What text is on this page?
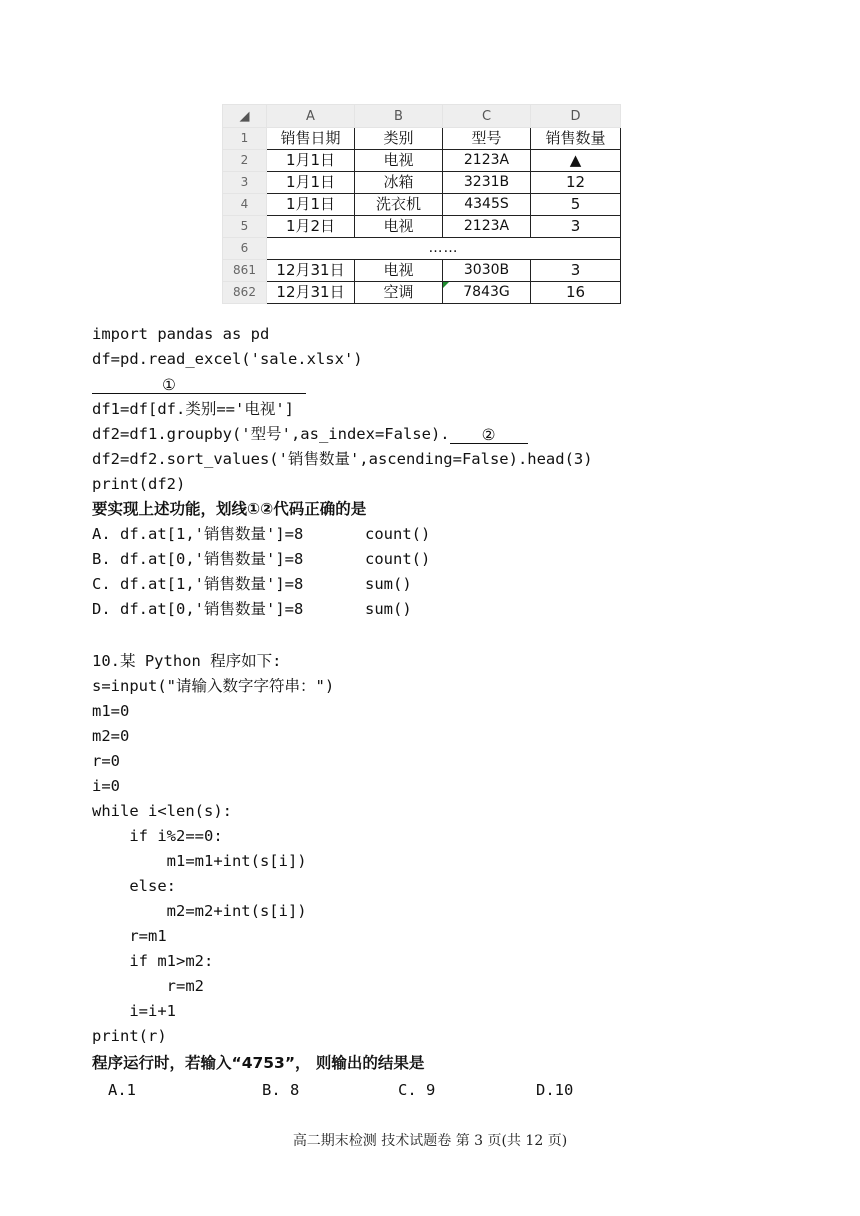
◢	A	B	C	D
1	销售日期	类别	型号	销售数量
2	1月1日	电视	2123A	▲
3	1月1日	冰箱	3231B	12
4	1月1日	洗衣机	4345S	5
5	1月2日	电视	2123A	3
6	……			
861	12月31日	电视	3030B	3
862	12月31日	空调	7843G	16
import pandas as pd
df=pd.read_excel('sale.xlsx')
①
df1=df[df.类别=='电视']
df2=df1.groupby('型号',as_index=False). ②
df2=df2.sort_values('销售数量',ascending=False).head(3)
print(df2)
要实现上述功能，划线①②代码正确的是
A. df.at[1,'销售数量']=8	count()
B. df.at[0,'销售数量']=8	count()
C. df.at[1,'销售数量']=8	sum()
D. df.at[0,'销售数量']=8	sum()
10.某 Python 程序如下:
s=input("请输入数字字符串：")
m1=0
m2=0
r=0
i=0
while i<len(s):
if i%2==0:
m1=m1+int(s[i])
else:
m2=m2+int(s[i])
r=m1
if m1>m2:
r=m2
i=i+1
print(r)
程序运行时，若输入“4753”， 则输出的结果是
A.1	B. 8	C. 9	D.10
高二期末检测 技术试题卷 第 3 页(共 12 页)
